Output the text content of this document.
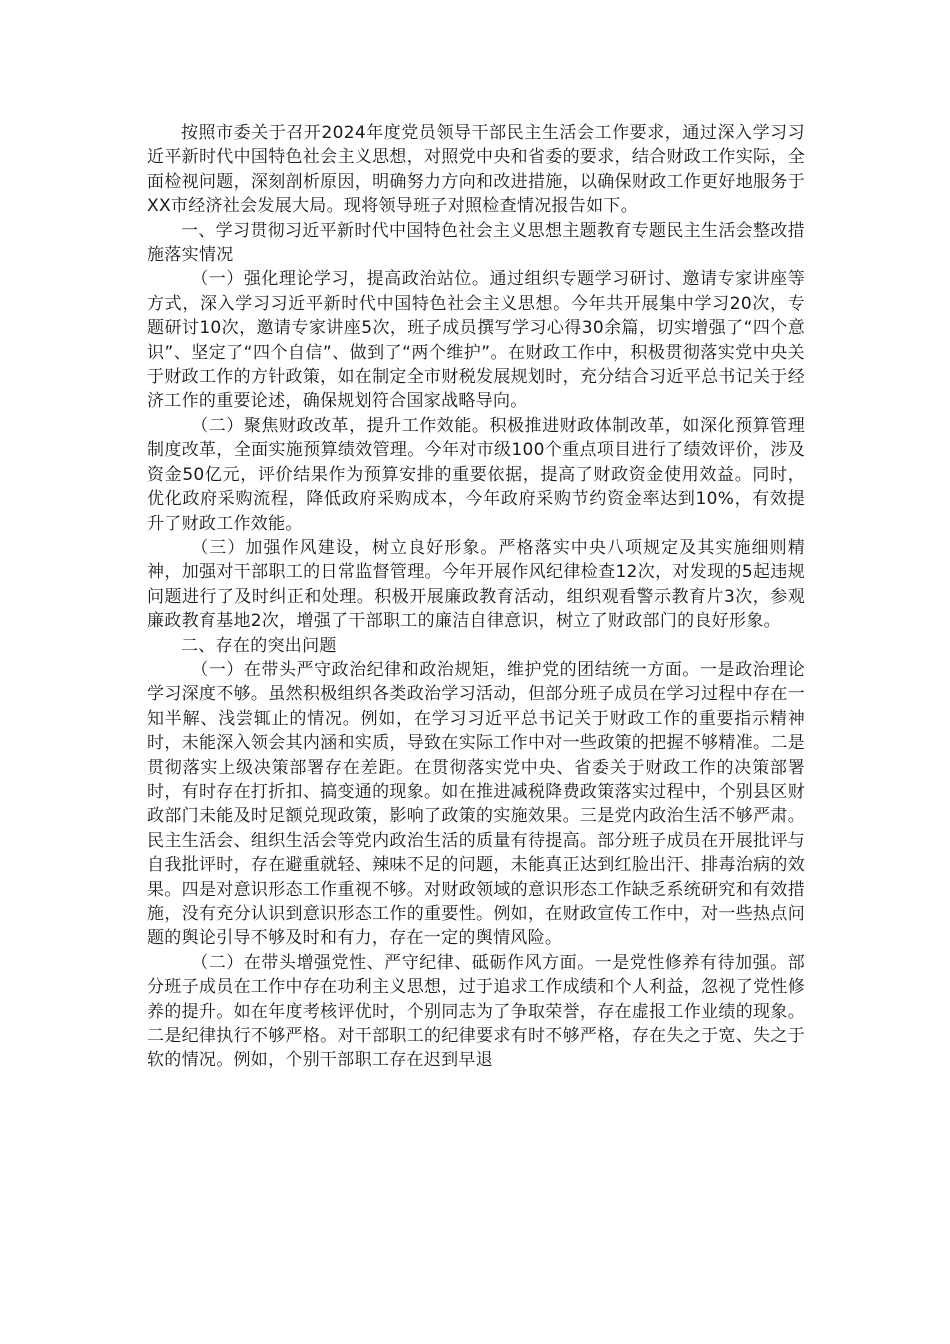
按照市委关于召开2024年度党员领导干部民主生活会工作要求，通过深入学习习近平新时代中国特色社会主义思想，对照党中央和省委的要求，结合财政工作实际，全面检视问题，深刻剖析原因，明确努力方向和改进措施，以确保财政工作更好地服务于XX市经济社会发展大局。现将领导班子对照检查情况报告如下。

一、学习贯彻习近平新时代中国特色社会主义思想主题教育专题民主生活会整改措施落实情况

（一）强化理论学习，提高政治站位。通过组织专题学习研讨、邀请专家讲座等方式，深入学习习近平新时代中国特色社会主义思想。今年共开展集中学习20次，专题研讨10次，邀请专家讲座5次，班子成员撰写学习心得30余篇，切实增强了“四个意识”、坚定了“四个自信”、做到了“两个维护”。在财政工作中，积极贯彻落实党中央关于财政工作的方针政策，如在制定全市财税发展规划时，充分结合习近平总书记关于经济工作的重要论述，确保规划符合国家战略导向。

（二）聚焦财政改革，提升工作效能。积极推进财政体制改革，如深化预算管理制度改革，全面实施预算绩效管理。今年对市级100个重点项目进行了绩效评价，涉及资金50亿元，评价结果作为预算安排的重要依据，提高了财政资金使用效益。同时，优化政府采购流程，降低政府采购成本，今年政府采购节约资金率达到10%，有效提升了财政工作效能。

（三）加强作风建设，树立良好形象。严格落实中央八项规定及其实施细则精神，加强对干部职工的日常监督管理。今年开展作风纪律检查12次，对发现的5起违规问题进行了及时纠正和处理。积极开展廉政教育活动，组织观看警示教育片3次，参观廉政教育基地2次，增强了干部职工的廉洁自律意识，树立了财政部门的良好形象。

二、存在的突出问题

（一）在带头严守政治纪律和政治规矩，维护党的团结统一方面。一是政治理论学习深度不够。虽然积极组织各类政治学习活动，但部分班子成员在学习过程中存在一知半解、浅尝辄止的情况。例如，在学习习近平总书记关于财政工作的重要指示精神时，未能深入领会其内涵和实质，导致在实际工作中对一些政策的把握不够精准。二是贯彻落实上级决策部署存在差距。在贯彻落实党中央、省委关于财政工作的决策部署时，有时存在打折扣、搞变通的现象。如在推进减税降费政策落实过程中，个别县区财政部门未能及时足额兑现政策，影响了政策的实施效果。三是党内政治生活不够严肃。民主生活会、组织生活会等党内政治生活的质量有待提高。部分班子成员在开展批评与自我批评时，存在避重就轻、辣味不足的问题，未能真正达到红脸出汗、排毒治病的效果。四是对意识形态工作重视不够。对财政领域的意识形态工作缺乏系统研究和有效措施，没有充分认识到意识形态工作的重要性。例如，在财政宣传工作中，对一些热点问题的舆论引导不够及时和有力，存在一定的舆情风险。

（二）在带头增强党性、严守纪律、砥砺作风方面。一是党性修养有待加强。部分班子成员在工作中存在功利主义思想，过于追求工作成绩和个人利益，忽视了党性修养的提升。如在年度考核评优时，个别同志为了争取荣誉，存在虚报工作业绩的现象。二是纪律执行不够严格。对干部职工的纪律要求有时不够严格，存在失之于宽、失之于软的情况。例如，个别干部职工存在迟到早退
